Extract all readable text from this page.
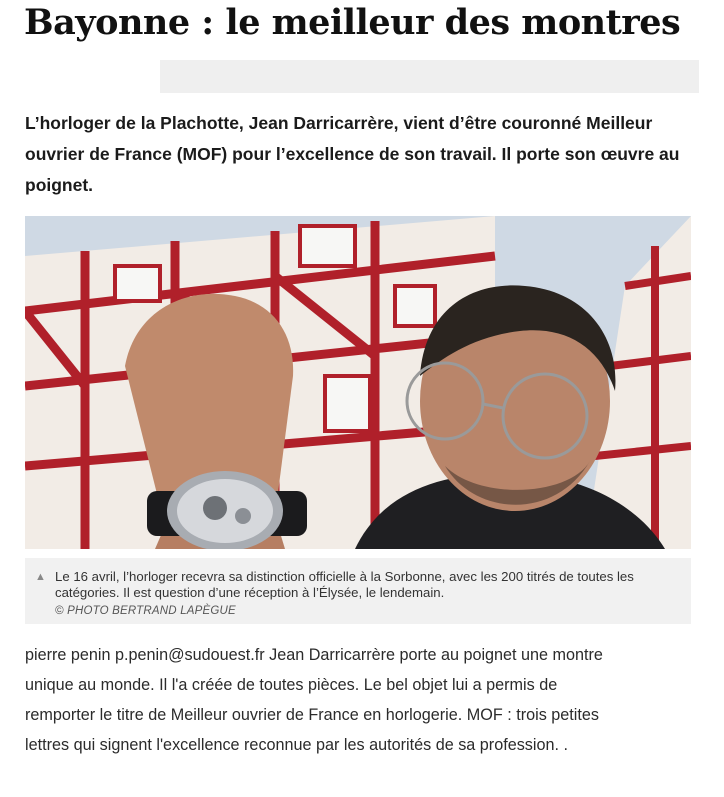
Bayonne : le meilleur des montres

L’horloger de la Plachotte, Jean Darricarrère, vient d’être couronné Meilleur ouvrier de France (MOF) pour l’excellence de son travail. Il porte son œuvre au poignet.

▲ Le 16 avril, l’horloger recevra sa distinction officielle à la Sorbonne, avec les 200 titrés de toutes les catégories. Il est question d’une réception à l’Élysée, le lendemain.

© PHOTO BERTRAND LAPÈGUE

pierre penin p.penin@sudouest.fr Jean Darricarrère porte au poignet une montre unique au monde. Il l'a créée de toutes pièces. Le bel objet lui a permis de remporter le titre de Meilleur ouvrier de France en horlogerie. MOF : trois petites lettres qui signent l'excellence reconnue par les autorités de sa profession. .
